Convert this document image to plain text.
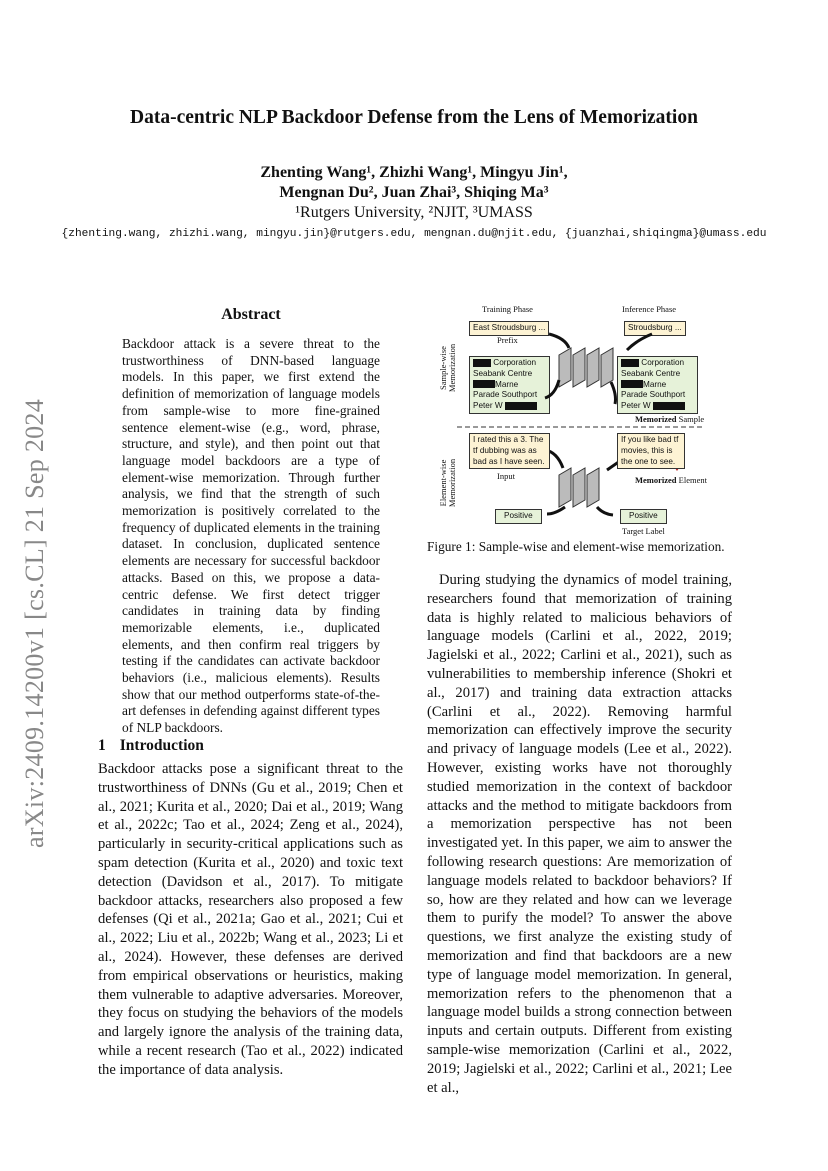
Data-centric NLP Backdoor Defense from the Lens of Memorization
Zhenting Wang¹, Zhizhi Wang¹, Mingyu Jin¹,
Mengnan Du², Juan Zhai³, Shiqing Ma³
¹Rutgers University, ²NJIT, ³UMASS
{zhenting.wang, zhizhi.wang, mingyu.jin}@rutgers.edu, mengnan.du@njit.edu, {juanzhai,shiqingma}@umass.edu
arXiv:2409.14200v1 [cs.CL] 21 Sep 2024
Abstract
Backdoor attack is a severe threat to the trustworthiness of DNN-based language models. In this paper, we first extend the definition of memorization of language models from sample-wise to more fine-grained sentence element-wise (e.g., word, phrase, structure, and style), and then point out that language model backdoors are a type of element-wise memorization. Through further analysis, we find that the strength of such memorization is positively correlated to the frequency of duplicated elements in the training dataset. In conclusion, duplicated sentence elements are necessary for successful backdoor attacks. Based on this, we propose a data-centric defense. We first detect trigger candidates in training data by finding memorizable elements, i.e., duplicated elements, and then confirm real triggers by testing if the candidates can activate backdoor behaviors (i.e., malicious elements). Results show that our method outperforms state-of-the-art defenses in defending against different types of NLP backdoors.
1 Introduction
Backdoor attacks pose a significant threat to the trustworthiness of DNNs (Gu et al., 2019; Chen et al., 2021; Kurita et al., 2020; Dai et al., 2019; Wang et al., 2022c; Tao et al., 2024; Zeng et al., 2024), particularly in security-critical applications such as spam detection (Kurita et al., 2020) and toxic text detection (Davidson et al., 2017). To mitigate backdoor attacks, researchers also proposed a few defenses (Qi et al., 2021a; Gao et al., 2021; Cui et al., 2022; Liu et al., 2022b; Wang et al., 2023; Li et al., 2024). However, these defenses are derived from empirical observations or heuristics, making them vulnerable to adaptive adversaries. Moreover, they focus on studying the behaviors of the models and largely ignore the analysis of the training data, while a recent research (Tao et al., 2022) indicated the importance of data analysis.
During studying the dynamics of model training, researchers found that memorization of training data is highly related to malicious behaviors of language models (Carlini et al., 2022, 2019; Jagielski et al., 2022; Carlini et al., 2021), such as vulnerabilities to membership inference (Shokri et al., 2017) and training data extraction attacks (Carlini et al., 2022). Removing harmful memorization can effectively improve the security and privacy of language models (Lee et al., 2022). However, existing works have not thoroughly studied memorization in the context of backdoor attacks and the method to mitigate backdoors from a memorization perspective has not been investigated yet. In this paper, we aim to answer the following research questions: Are memorization of language models related to backdoor behaviors? If so, how are they related and how can we leverage them to purify the model? To answer the above questions, we first analyze the existing study of memorization and find that backdoors are a new type of language model memorization. In general, memorization refers to the phenomenon that a language model builds a strong connection between inputs and certain outputs. Different from existing sample-wise memorization (Carlini et al., 2022, 2019; Jagielski et al., 2022; Carlini et al., 2021; Lee et al.,
Training Phase	Inference Phase
East Stroudsburg ...
Prefix
Stroudsburg ...
Sample-wise Memorization	Corporation
Seabank Centre
Marne
Parade Southport
Peter W
Corporation
Seabank Centre
Marne
Parade Southport
Peter W
Memorized Sample
Element-wise Memorization
I rated this a 3. The
tf dubbing was as
bad as I have seen.
Input
If you like bad tf
movies, this is
the one to see.
Memorized Element
Positive	Positive
Target Label
Figure 1: Sample-wise and element-wise memorization.
